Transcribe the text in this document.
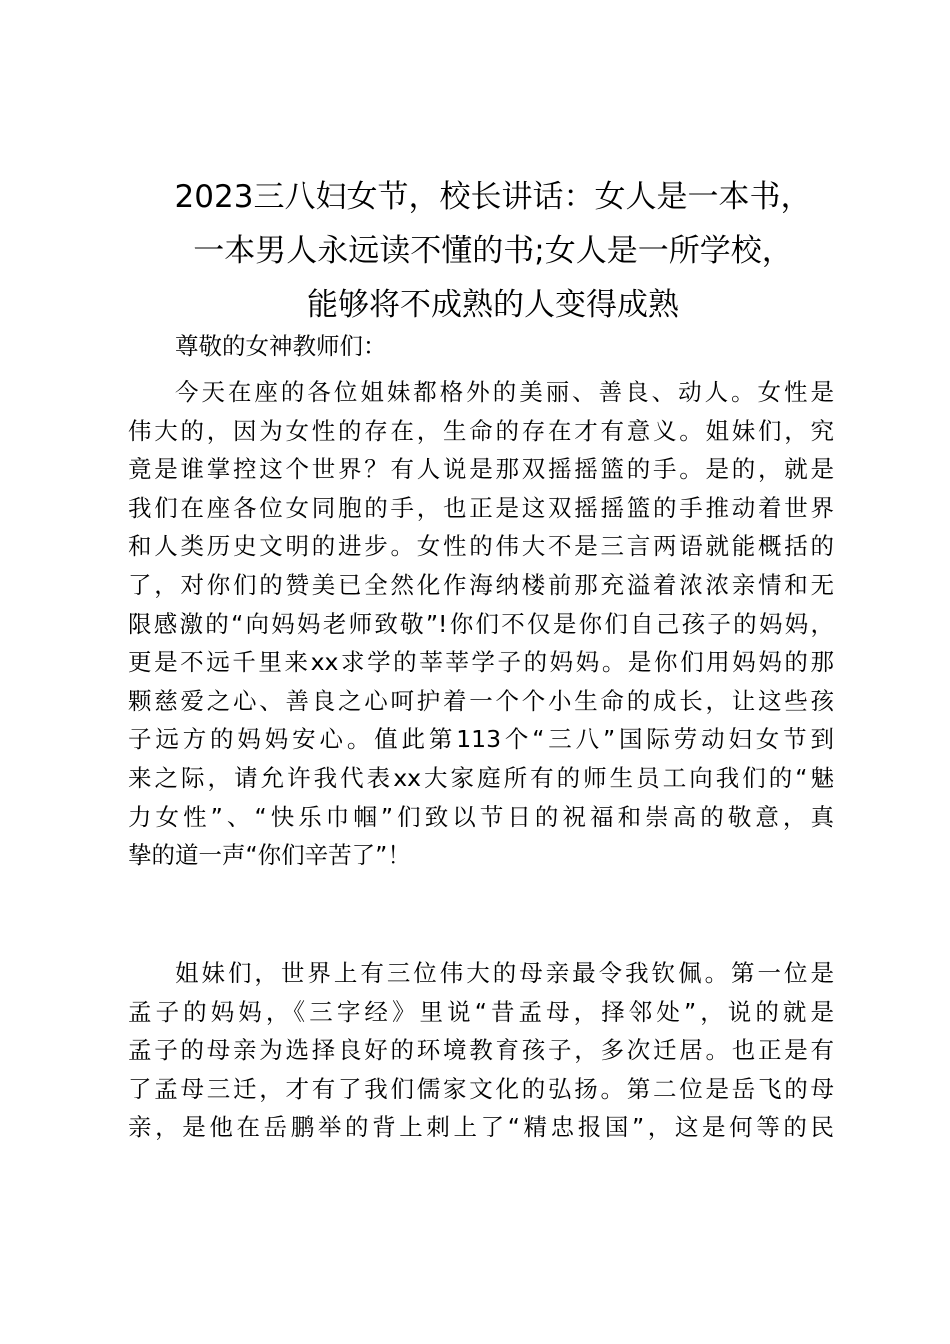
2023三八妇女节，校长讲话：女人是一本书，
一本男人永远读不懂的书;女人是一所学校，
能够将不成熟的人变得成熟

尊敬的女神教师们：

今天在座的各位姐妹都格外的美丽、善良、动人。女性是
伟大的，因为女性的存在，生命的存在才有意义。姐妹们，究
竟是谁掌控这个世界？有人说是那双摇摇篮的手。是的，就是
我们在座各位女同胞的手，也正是这双摇摇篮的手推动着世界
和人类历史文明的进步。女性的伟大不是三言两语就能概括的
了，对你们的赞美已全然化作海纳楼前那充溢着浓浓亲情和无
限感激的“向妈妈老师致敬”!你们不仅是你们自己孩子的妈妈，
更是不远千里来xx求学的莘莘学子的妈妈。是你们用妈妈的那
颗慈爱之心、善良之心呵护着一个个小生命的成长，让这些孩
子远方的妈妈安心。值此第113个“三八”国际劳动妇女节到
来之际，请允许我代表xx大家庭所有的师生员工向我们的“魅
力女性”、“快乐巾帼”们致以节日的祝福和崇高的敬意，真
挚的道一声“你们辛苦了”！

姐妹们，世界上有三位伟大的母亲最令我钦佩。第一位是
孟子的妈妈，《三字经》里说“昔孟母，择邻处”，说的就是
孟子的母亲为选择良好的环境教育孩子，多次迁居。也正是有
了孟母三迁，才有了我们儒家文化的弘扬。第二位是岳飞的母
亲，是他在岳鹏举的背上刺上了“精忠报国”，这是何等的民
